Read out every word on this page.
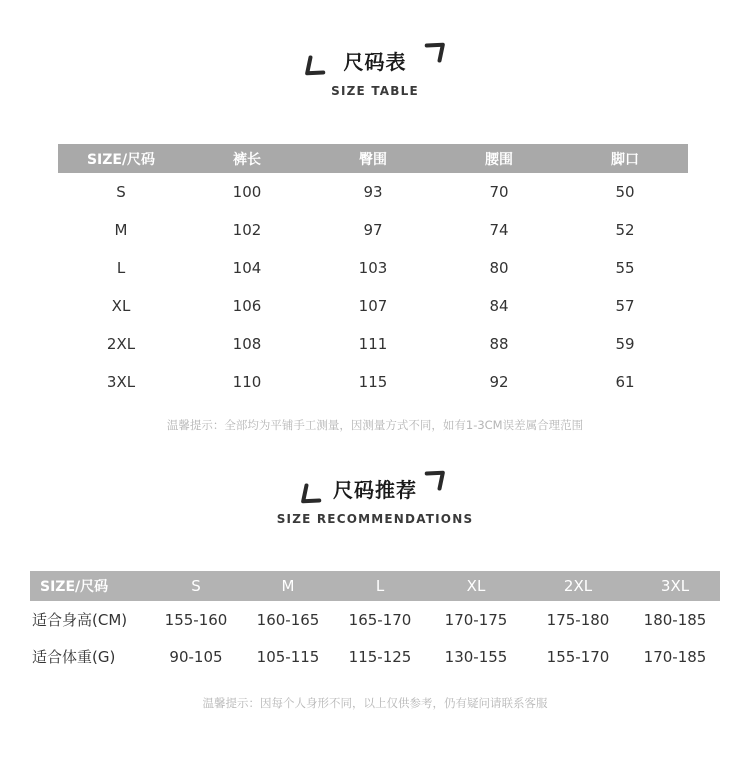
尺码表
SIZE TABLE
SIZE/尺码	裤长	臀围	腰围	脚口
S	100	93	70	50
M	102	97	74	52
L	104	103	80	55
XL	106	107	84	57
2XL	108	111	88	59
3XL	110	115	92	61
温馨提示：全部均为平铺手工测量，因测量方式不同，如有1-3CM误差属合理范围
尺码推荐
SIZE RECOMMENDATIONS
SIZE/尺码	S	M	L	XL	2XL	3XL
适合身高(CM)	155-160	160-165	165-170	170-175	175-180	180-185
适合体重(G)	90-105	105-115	115-125	130-155	155-170	170-185
温馨提示：因每个人身形不同，以上仅供参考，仍有疑问请联系客服
